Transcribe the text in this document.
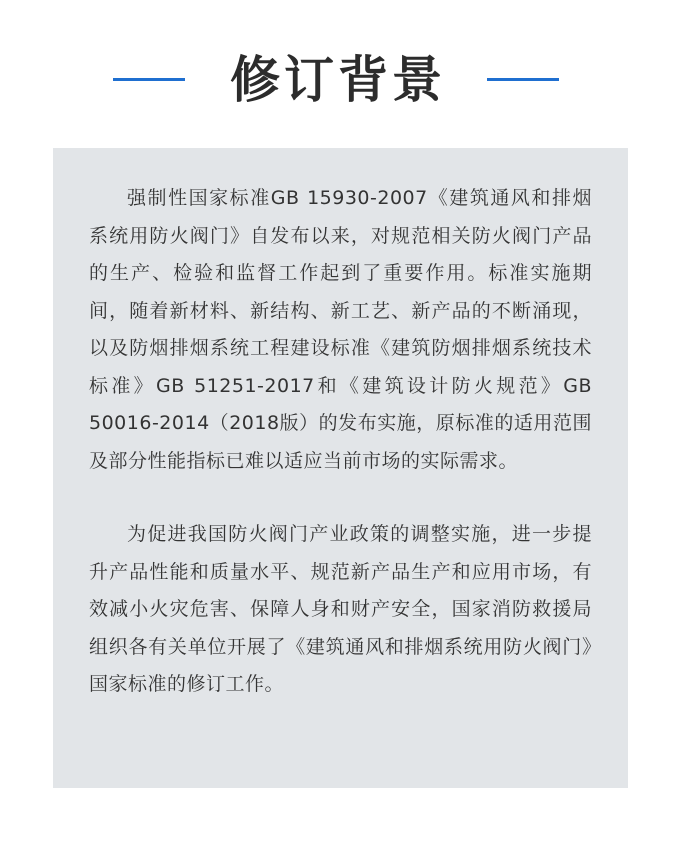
修订背景

强制性国家标准GB 15930-2007《建筑通风和排烟系统用防火阀门》自发布以来，对规范相关防火阀门产品的生产、检验和监督工作起到了重要作用。标准实施期间，随着新材料、新结构、新工艺、新产品的不断涌现，以及防烟排烟系统工程建设标准《建筑防烟排烟系统技术标准》GB 51251-2017和《建筑设计防火规范》GB 50016-2014（2018版）的发布实施，原标准的适用范围及部分性能指标已难以适应当前市场的实际需求。

为促进我国防火阀门产业政策的调整实施，进一步提升产品性能和质量水平、规范新产品生产和应用市场，有效减小火灾危害、保障人身和财产安全，国家消防救援局组织各有关单位开展了《建筑通风和排烟系统用防火阀门》国家标准的修订工作。
